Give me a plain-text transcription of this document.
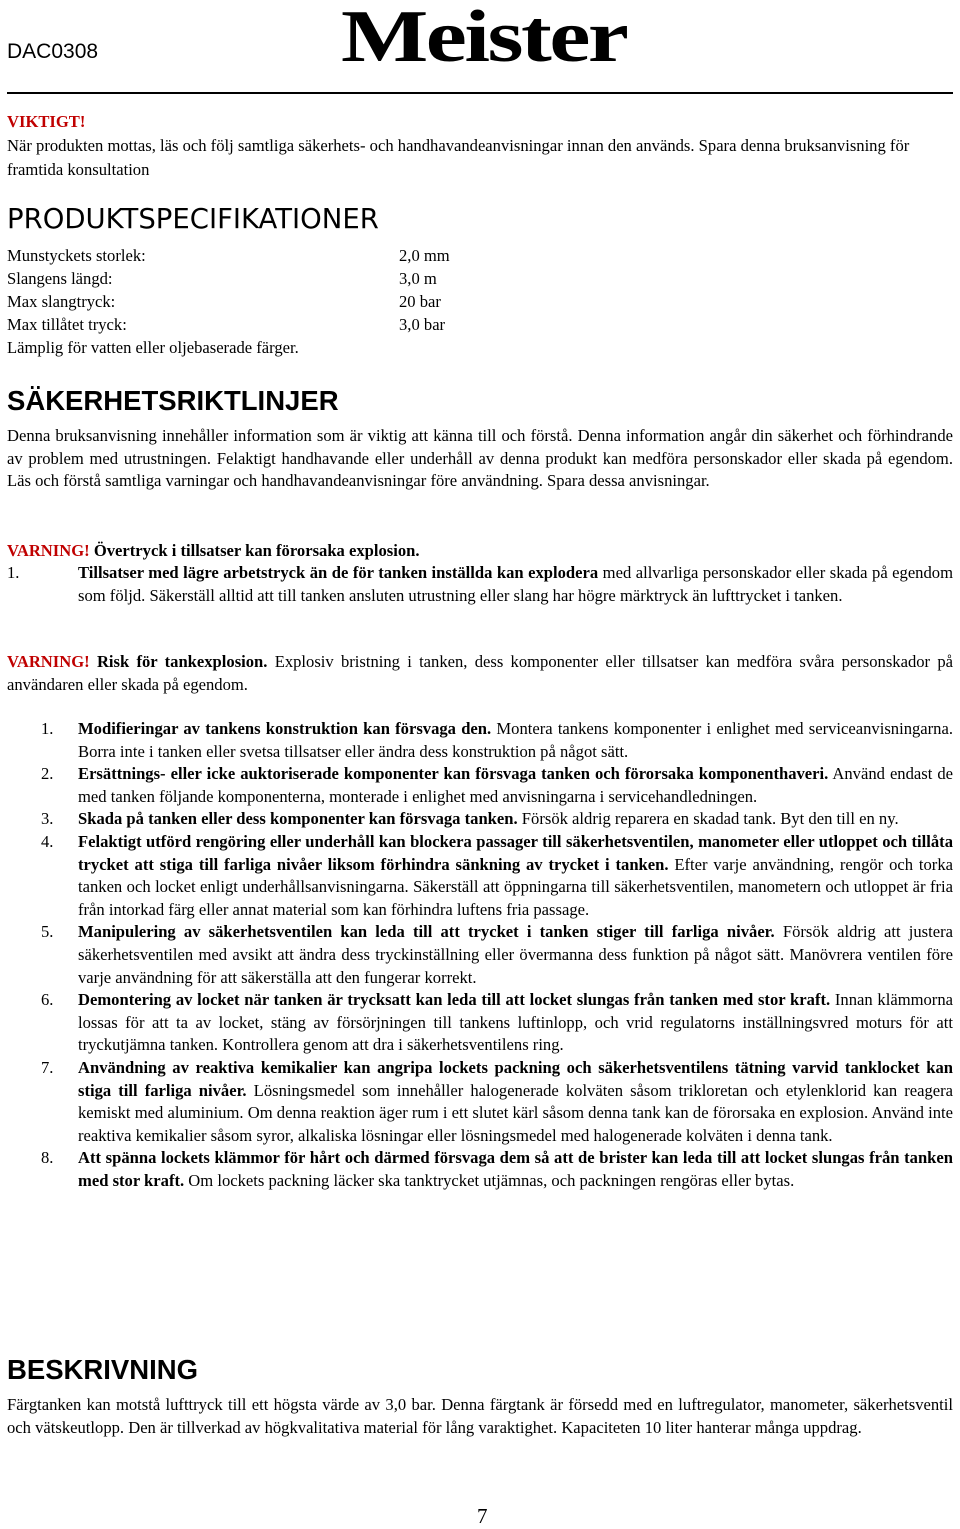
DAC0308	Meister
VIKTIGT!
När produkten mottas, läs och följ samtliga säkerhets- och handhavandeanvisningar innan den används. Spara denna bruksanvisning för framtida konsultation
PRODUKTSPECIFIKATIONER
Munstyckets storlek:	2,0 mm
Slangens längd:	3,0 m
Max slangtryck:	20 bar
Max tillåtet tryck:	3,0 bar
Lämplig för vatten eller oljebaserade färger.
SÄKERHETSRIKTLINJER
Denna bruksanvisning innehåller information som är viktig att känna till och förstå. Denna information angår din säkerhet och förhindrande av problem med utrustningen. Felaktigt handhavande eller underhåll av denna produkt kan medföra personskador eller skada på egendom. Läs och förstå samtliga varningar och handhavandeanvisningar före användning. Spara dessa anvisningar.
VARNING! Övertryck i tillsatser kan förorsaka explosion.
1.	Tillsatser med lägre arbetstryck än de för tanken inställda kan explodera med allvarliga personskador eller skada på egendom som följd. Säkerställ alltid att till tanken ansluten utrustning eller slang har högre märktryck än lufttrycket i tanken.
VARNING! Risk för tankexplosion. Explosiv bristning i tanken, dess komponenter eller tillsatser kan medföra svåra personskador på användaren eller skada på egendom.
1. Modifieringar av tankens konstruktion kan försvaga den. Montera tankens komponenter i enlighet med serviceanvisningarna. Borra inte i tanken eller svetsa tillsatser eller ändra dess konstruktion på något sätt.
2. Ersättnings- eller icke auktoriserade komponenter kan försvaga tanken och förorsaka komponenthaveri. Använd endast de med tanken följande komponenterna, monterade i enlighet med anvisningarna i servicehandledningen.
3. Skada på tanken eller dess komponenter kan försvaga tanken. Försök aldrig reparera en skadad tank. Byt den till en ny.
4. Felaktigt utförd rengöring eller underhåll kan blockera passager till säkerhetsventilen, manometer eller utloppet och tillåta trycket att stiga till farliga nivåer liksom förhindra sänkning av trycket i tanken. Efter varje användning, rengör och torka tanken och locket enligt underhållsanvisningarna. Säkerställ att öppningarna till säkerhetsventilen, manometern och utloppet är fria från intorkad färg eller annat material som kan förhindra luftens fria passage.
5. Manipulering av säkerhetsventilen kan leda till att trycket i tanken stiger till farliga nivåer. Försök aldrig att justera säkerhetsventilen med avsikt att ändra dess tryckinställning eller övermanna dess funktion på något sätt. Manövrera ventilen före varje användning för att säkerställa att den fungerar korrekt.
6. Demontering av locket när tanken är trycksatt kan leda till att locket slungas från tanken med stor kraft. Innan klämmorna lossas för att ta av locket, stäng av försörjningen till tankens luftinlopp, och vrid regulatorns inställningsvred moturs för att tryckutjämna tanken. Kontrollera genom att dra i säkerhetsventilens ring.
7. Användning av reaktiva kemikalier kan angripa lockets packning och säkerhetsventilens tätning varvid tanklocket kan stiga till farliga nivåer. Lösningsmedel som innehåller halogenerade kolväten såsom trikloretan och etylenklorid kan reagera kemiskt med aluminium. Om denna reaktion äger rum i ett slutet kärl såsom denna tank kan de förorsaka en explosion. Använd inte reaktiva kemikalier såsom syror, alkaliska lösningar eller lösningsmedel med halogenerade kolväten i denna tank.
8. Att spänna lockets klämmor för hårt och därmed försvaga dem så att de brister kan leda till att locket slungas från tanken med stor kraft. Om lockets packning läcker ska tanktrycket utjämnas, och packningen rengöras eller bytas.
BESKRIVNING
Färgtanken kan motstå lufttryck till ett högsta värde av 3,0 bar. Denna färgtank är försedd med en luftregulator, manometer, säkerhetsventil och vätskeutlopp. Den är tillverkad av högkvalitativa material för lång varaktighet. Kapaciteten 10 liter hanterar många uppdrag.
7
